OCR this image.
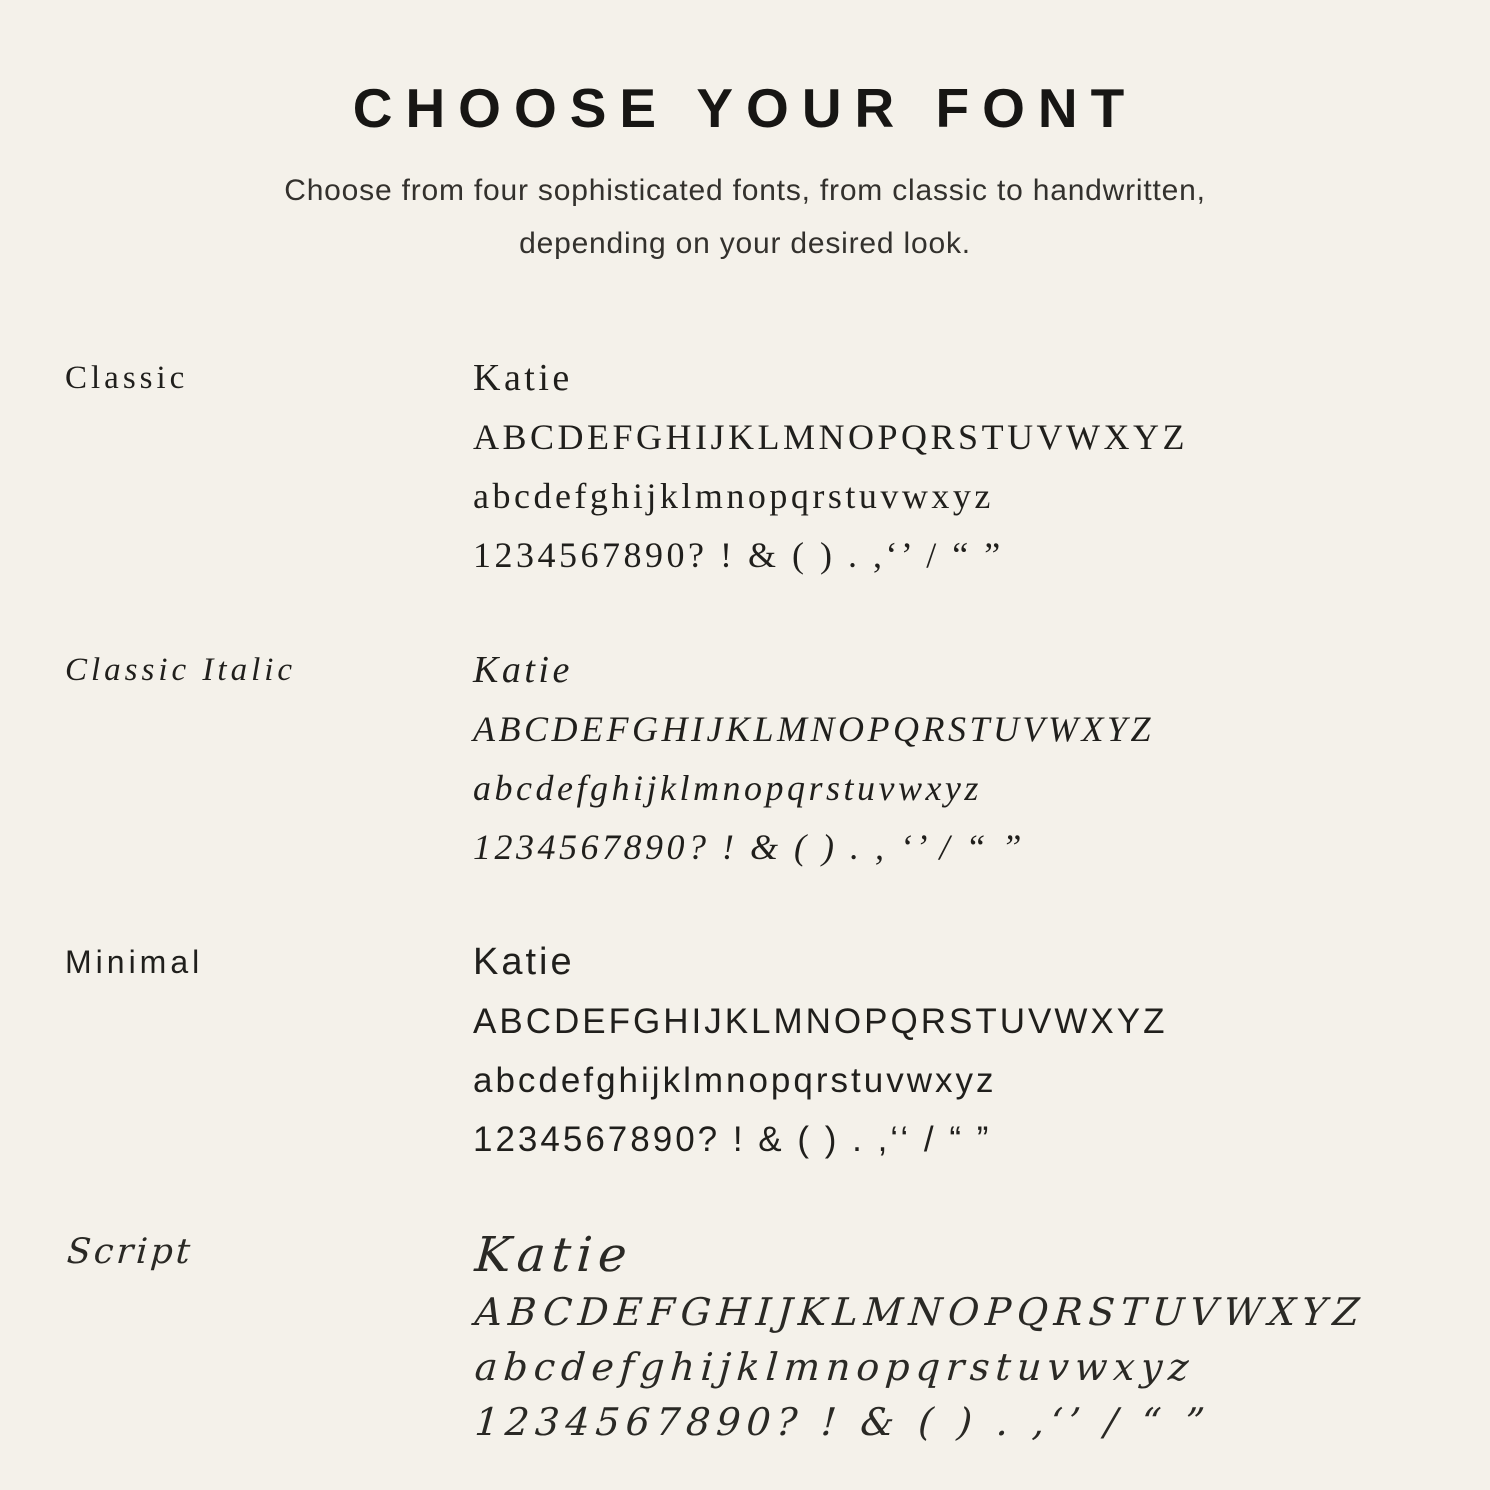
CHOOSE YOUR FONT

Choose from four sophisticated fonts, from classic to handwritten,
depending on your desired look.

Classic	Katie
ABCDEFGHIJKLMNOPQRSTUVWXYZ
abcdefghijklmnopqrstuvwxyz
1234567890? ! & ( ) . ,‘’ / “ ”
Classic Italic	Katie
ABCDEFGHIJKLMNOPQRSTUVWXYZ
abcdefghijklmnopqrstuvwxyz
1234567890? ! & ( ) . , ‘’ / “ ”
Minimal	Katie
ABCDEFGHIJKLMNOPQRSTUVWXYZ
abcdefghijklmnopqrstuvwxyz
1234567890? ! & ( ) . ,‘‘ / “ ”
Script	Katie
ABCDEFGHIJKLMNOPQRSTUVWXYZ
abcdefghijklmnopqrstuvwxyz
1234567890? ! & ( ) . ,‘’ / “ ”
